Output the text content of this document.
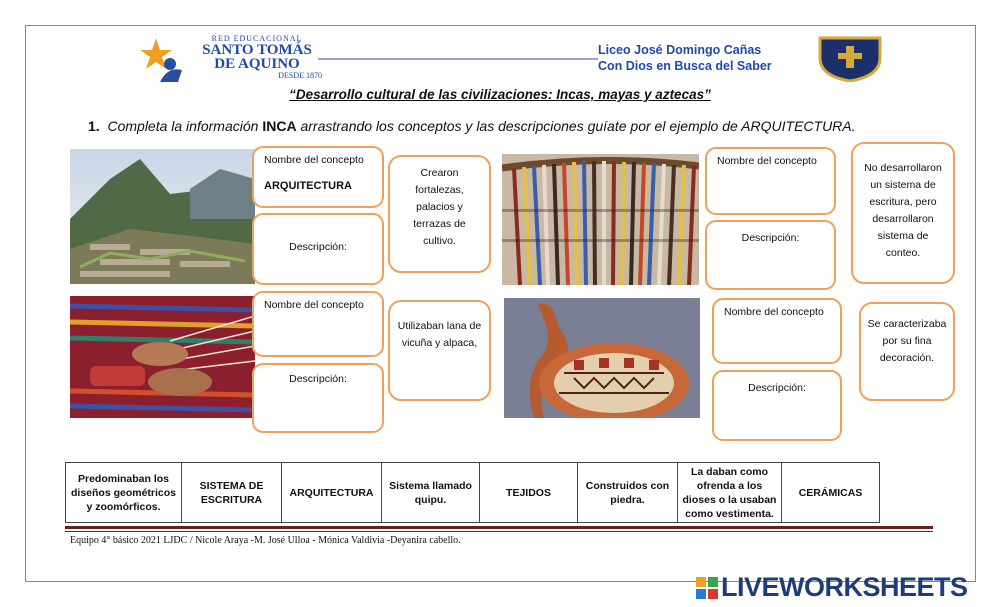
RED EDUCACIONAL
SANTO TOMÁS
DE AQUINO
DESDE 1870
Liceo José Domingo Cañas
Con Dios en Busca del Saber
“Desarrollo cultural de las civilizaciones: Incas, mayas y aztecas”
1. Completa la información INCA arrastrando los conceptos y las descripciones guíate por el ejemplo de ARQUITECTURA.
Nombre del concepto
ARQUITECTURA
Descripción:
Crearon fortalezas, palacios y terrazas de cultivo.
Nombre del concepto
Descripción:
No desarrollaron un sistema de escritura, pero desarrollaron sistema de conteo.
Nombre del concepto
Descripción:
Utilizaban lana de vicuña y alpaca,
Nombre del concepto
Descripción:
Se caracterizaba por su fina decoración.
Predominaban los diseños geométricos y zoomórficos.
SISTEMA DE ESCRITURA
ARQUITECTURA
Sistema llamado quipu.
TEJIDOS
Construidos con piedra.
La daban como ofrenda a los dioses o la usaban como vestimenta.
CERÁMICAS
Equipo 4° básico 2021 LJDC / Nicole Araya -M. José Ulloa - Mónica Valdivia -Deyanira cabello.
LIVEWORKSHEETS
